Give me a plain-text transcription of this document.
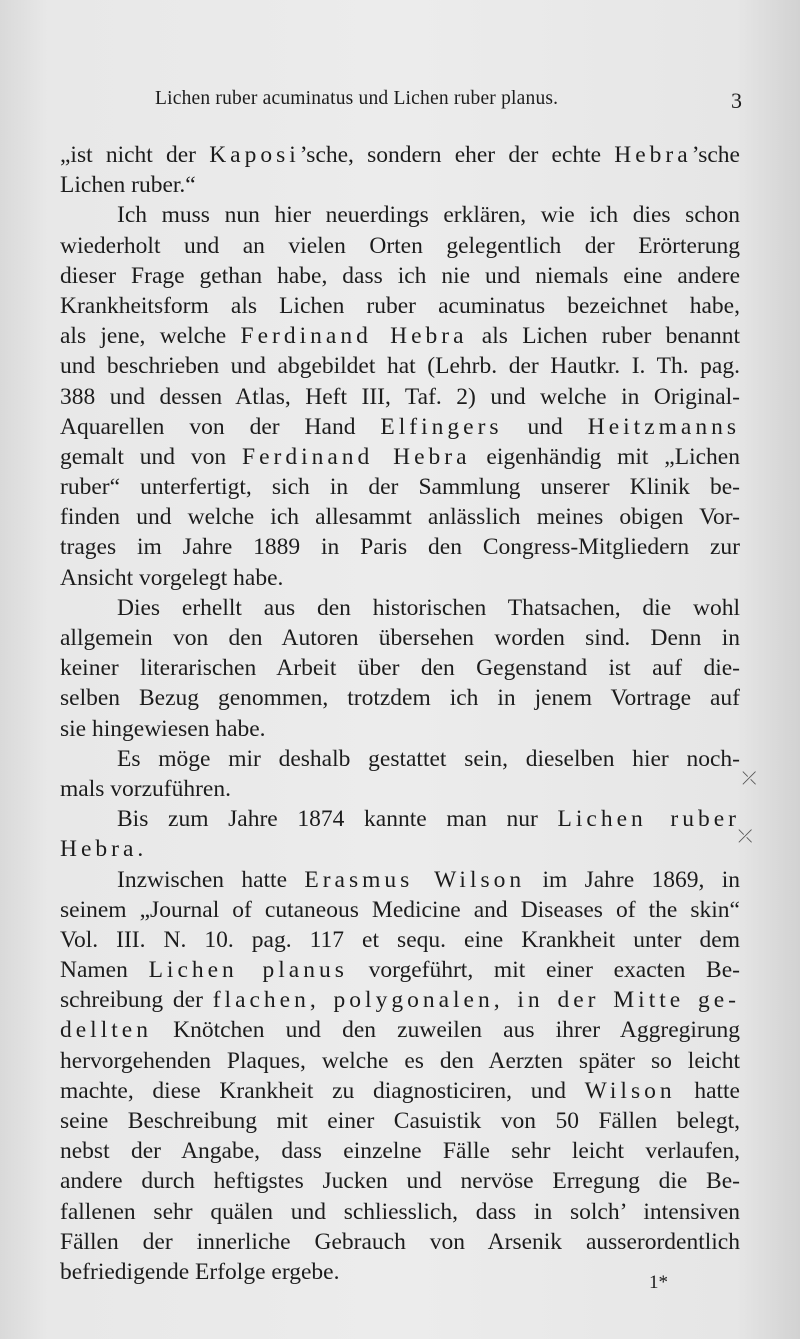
Lichen ruber acuminatus und Lichen ruber planus.	3
„ist nicht der Kaposi’sche, sondern eher der echte Hebra’sche
Lichen ruber.“
Ich muss nun hier neuerdings erklären, wie ich dies schon
wiederholt und an vielen Orten gelegentlich der Erörterung
dieser Frage gethan habe, dass ich nie und niemals eine andere
Krankheitsform als Lichen ruber acuminatus bezeichnet habe,
als jene, welche Ferdinand Hebra als Lichen ruber benannt
und beschrieben und abgebildet hat (Lehrb. der Hautkr. I. Th. pag.
388 und dessen Atlas, Heft III, Taf. 2) und welche in Original-
Aquarellen von der Hand Elfingers und Heitzmanns
gemalt und von Ferdinand Hebra eigenhändig mit „Lichen
ruber“ unterfertigt, sich in der Sammlung unserer Klinik be-
finden und welche ich allesammt anlässlich meines obigen Vor-
trages im Jahre 1889 in Paris den Congress-Mitgliedern zur
Ansicht vorgelegt habe.
Dies erhellt aus den historischen Thatsachen, die wohl
allgemein von den Autoren übersehen worden sind. Denn in
keiner literarischen Arbeit über den Gegenstand ist auf die-
selben Bezug genommen, trotzdem ich in jenem Vortrage auf
sie hingewiesen habe.
Es möge mir deshalb gestattet sein, dieselben hier noch-
mals vorzuführen.
Bis zum Jahre 1874 kannte man nur Lichen ruber
Hebra.
Inzwischen hatte Erasmus Wilson im Jahre 1869, in
seinem „Journal of cutaneous Medicine and Diseases of the skin“
Vol. III. N. 10. pag. 117 et sequ. eine Krankheit unter dem
Namen Lichen planus vorgeführt, mit einer exacten Be-
schreibung der flachen, polygonalen, in der Mitte ge-
dellten Knötchen und den zuweilen aus ihrer Aggregirung
hervorgehenden Plaques, welche es den Aerzten später so leicht
machte, diese Krankheit zu diagnosticiren, und Wilson hatte
seine Beschreibung mit einer Casuistik von 50 Fällen belegt,
nebst der Angabe, dass einzelne Fälle sehr leicht verlaufen,
andere durch heftigstes Jucken und nervöse Erregung die Be-
fallenen sehr quälen und schliesslich, dass in solch’ intensiven
Fällen der innerliche Gebrauch von Arsenik ausserordentlich
befriedigende Erfolge ergebe.
⤫
⤫
1*
